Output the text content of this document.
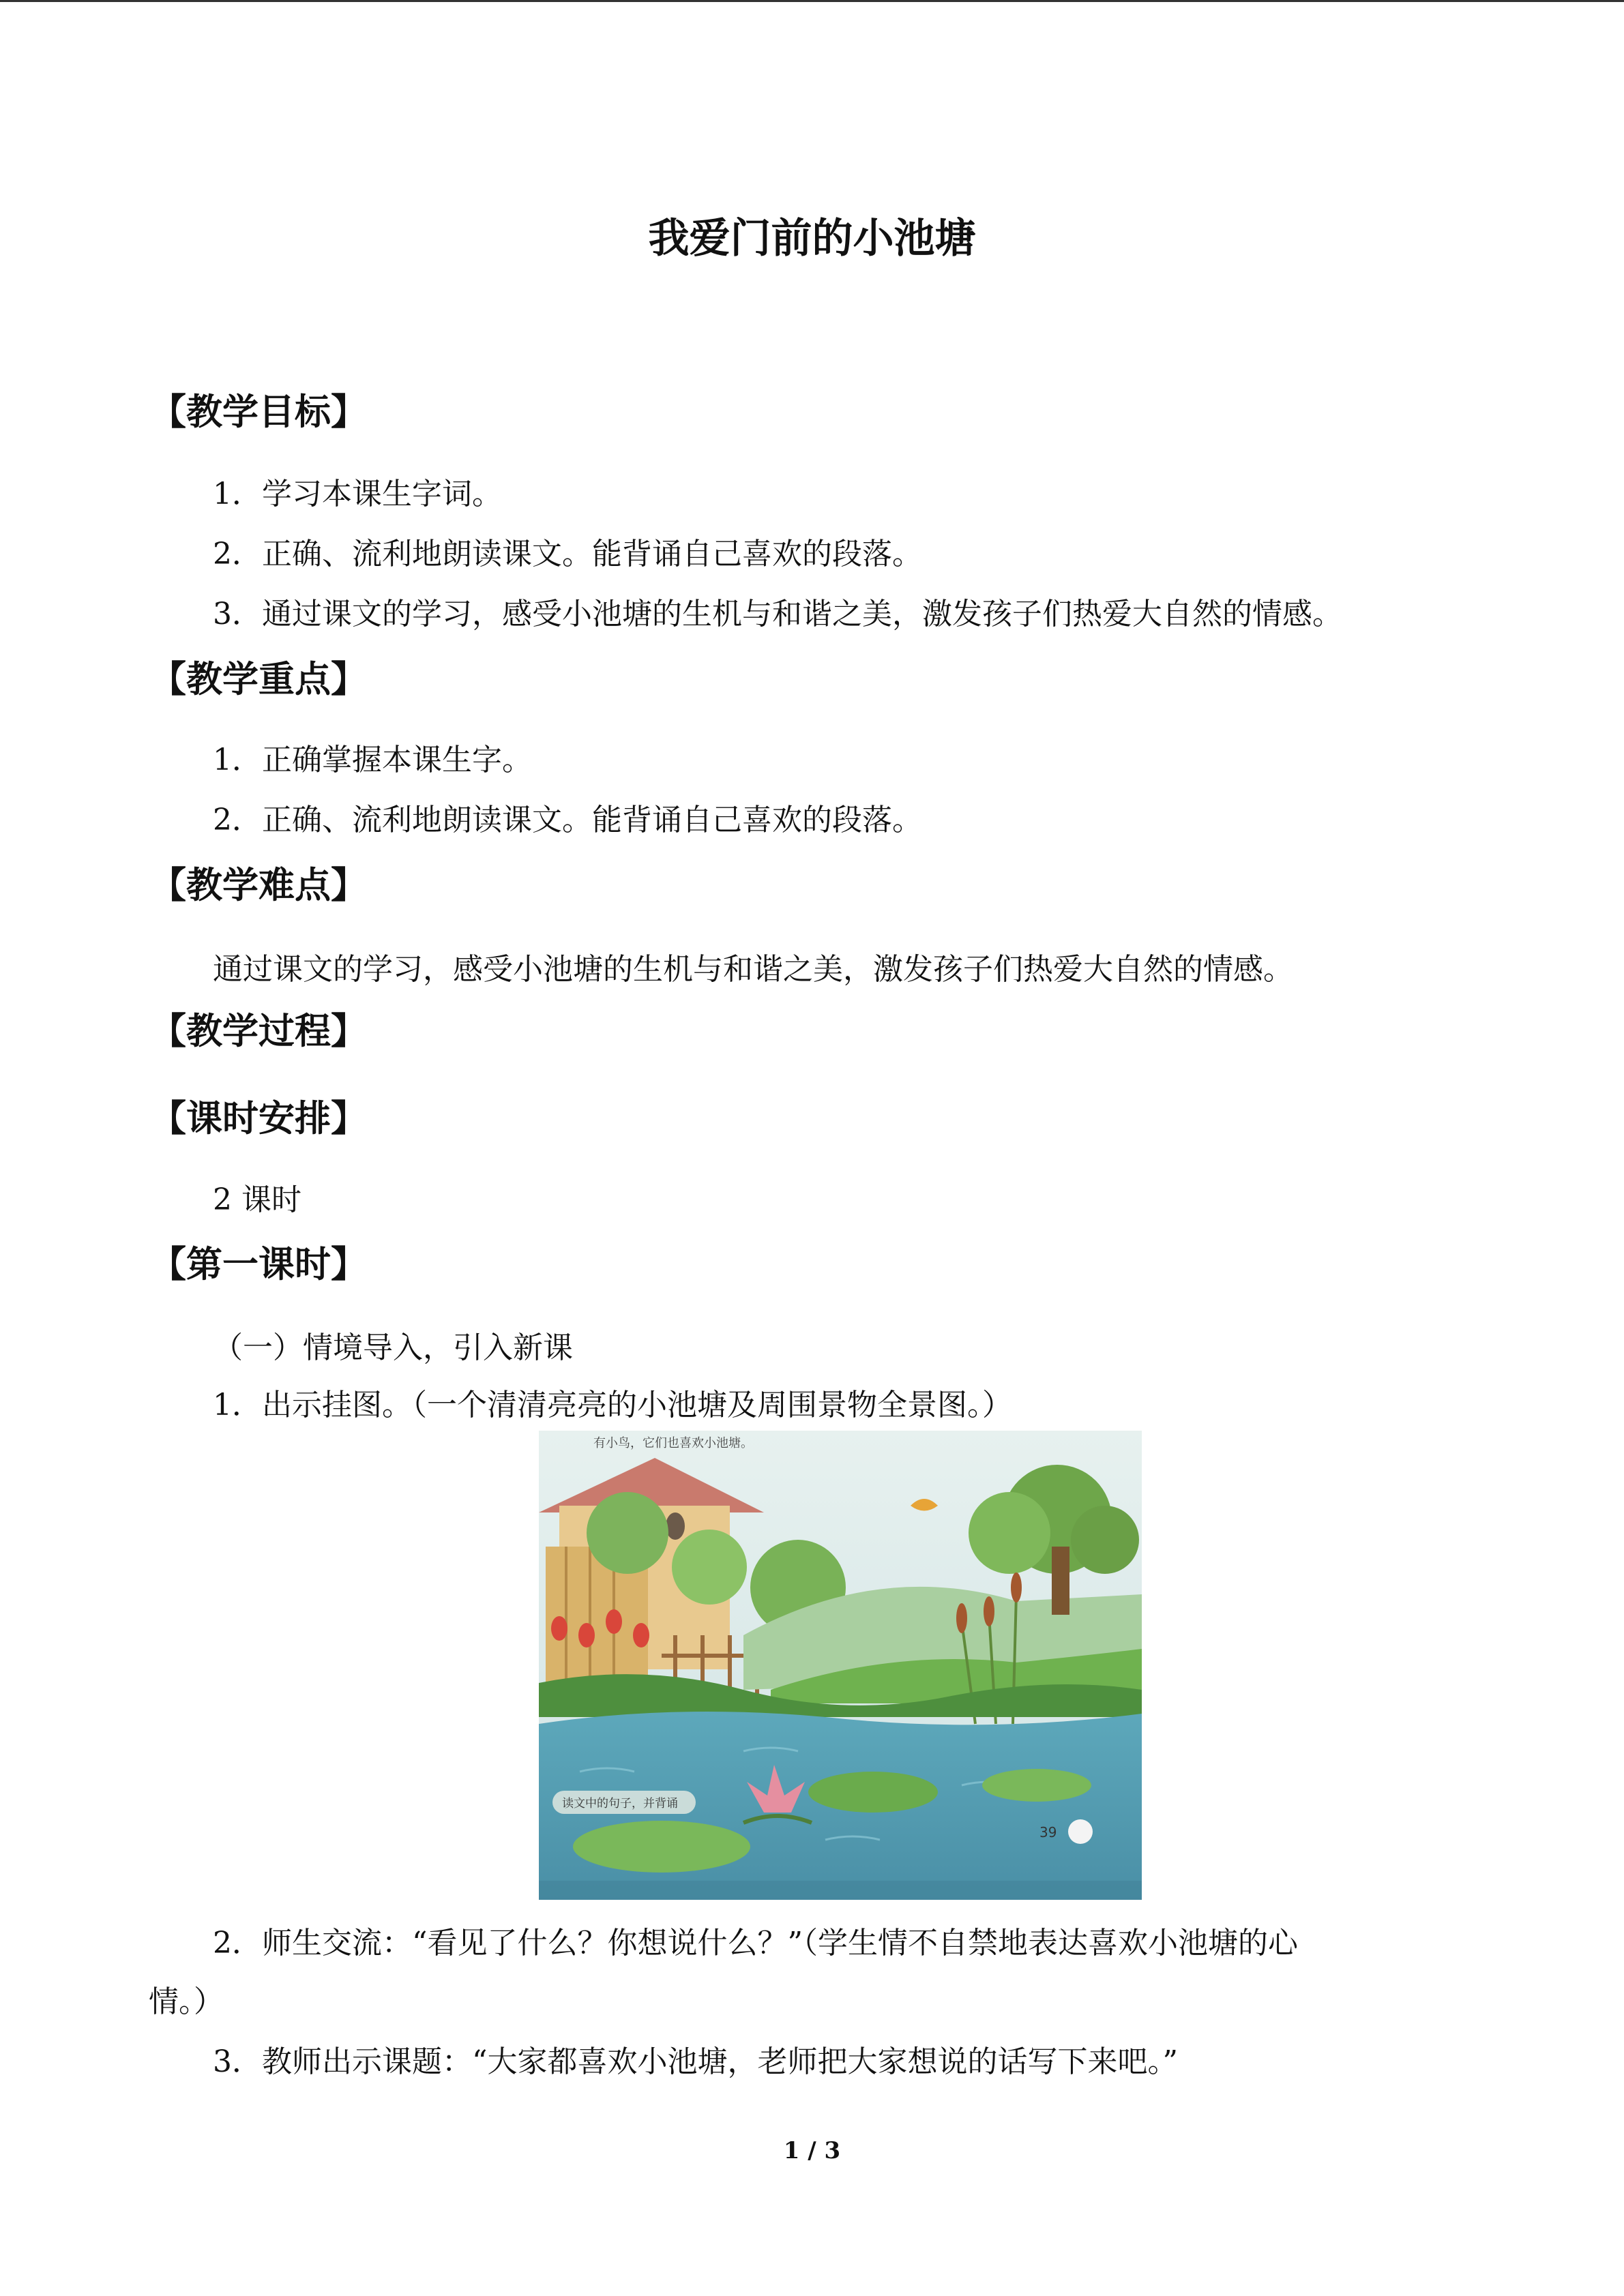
我爱门前的小池塘
【教学目标】
1．学习本课生字词。
2．正确、流利地朗读课文。能背诵自己喜欢的段落。
3．通过课文的学习，感受小池塘的生机与和谐之美，激发孩子们热爱大自然的情感。
【教学重点】
1．正确掌握本课生字。
2．正确、流利地朗读课文。能背诵自己喜欢的段落。
【教学难点】
通过课文的学习，感受小池塘的生机与和谐之美，激发孩子们热爱大自然的情感。
【教学过程】
【课时安排】
2 课时
【第一课时】
（一）情境导入，引入新课
1．出示挂图。（一个清清亮亮的小池塘及周围景物全景图。）
有小鸟，它们也喜欢小池塘。
读文中的句子，并背诵
39
2．师生交流：“看见了什么？你想说什么？”（学生情不自禁地表达喜欢小池塘的心
情。）
3．教师出示课题：“大家都喜欢小池塘，老师把大家想说的话写下来吧。”
1 / 3
